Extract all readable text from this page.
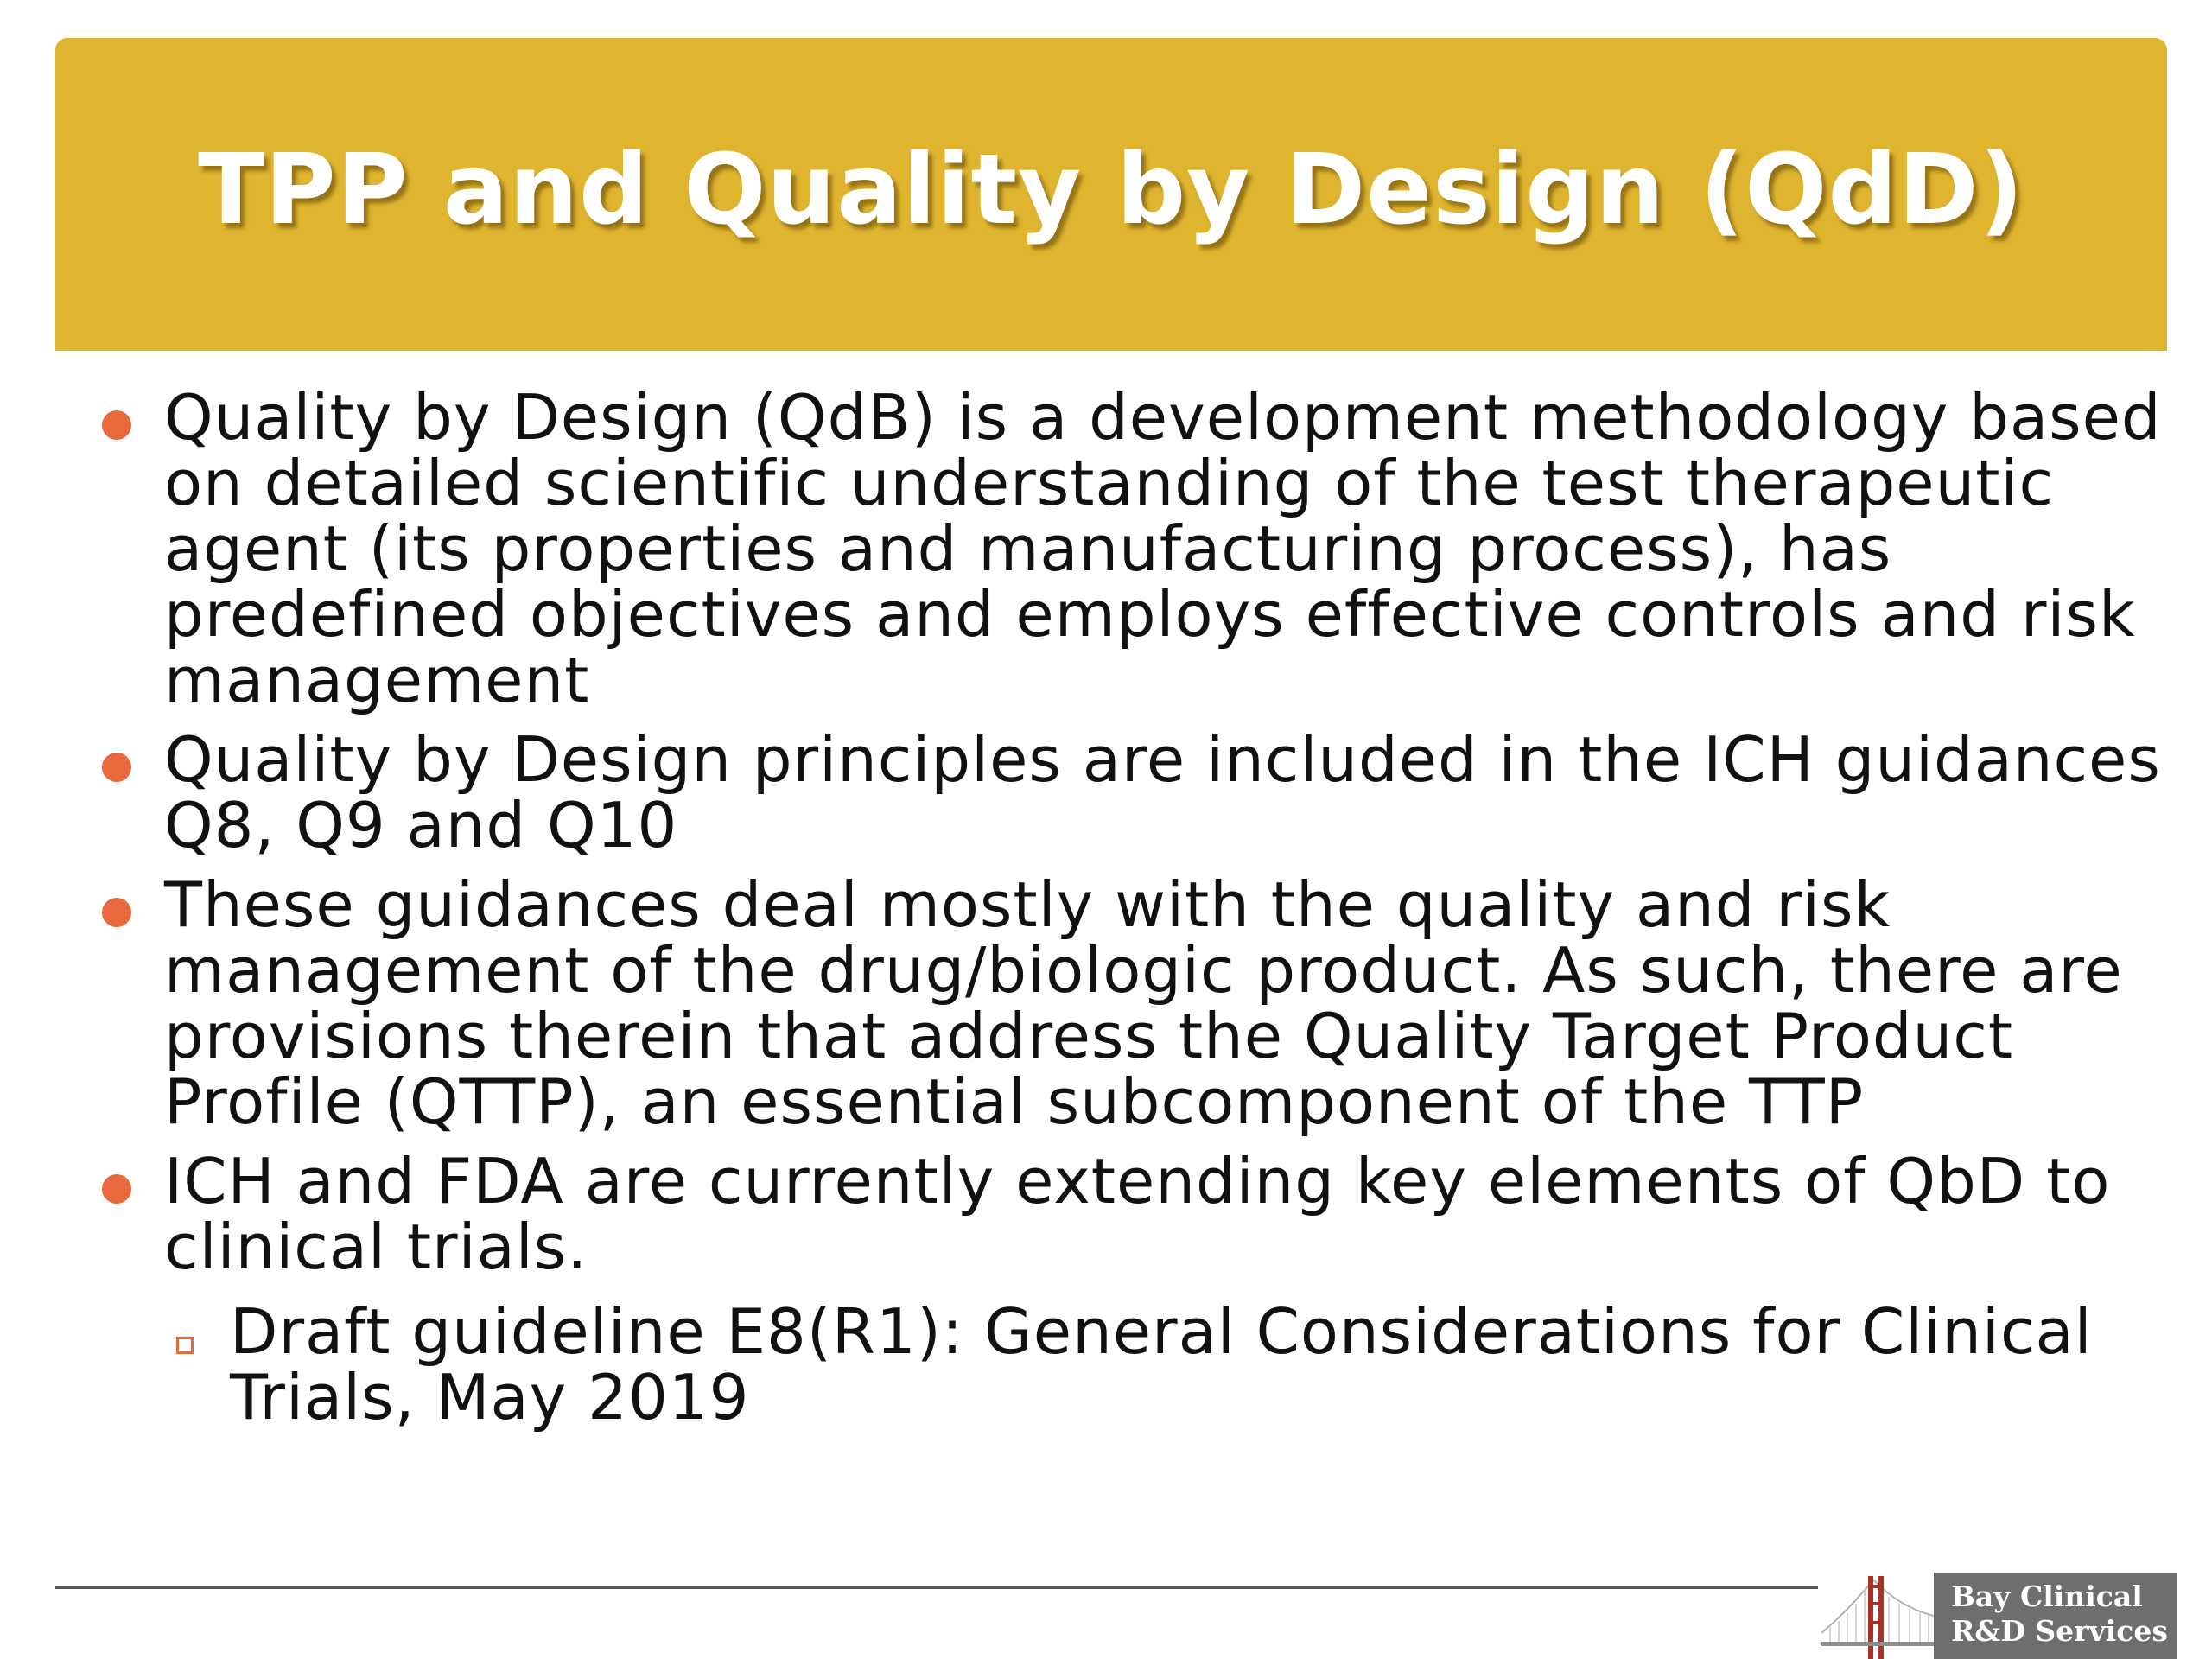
TPP and Quality by Design (QdD)
Quality by Design (QdB) is a development methodology based on detailed scientific understanding of the test therapeutic agent (its properties and manufacturing process), has predefined objectives and employs effective controls and risk management
Quality by Design principles are included in the ICH guidances Q8, Q9 and Q10
These guidances deal mostly with the quality and risk management of the drug/biologic product. As such, there are provisions therein that address the Quality Target Product Profile (QTTP), an essential subcomponent of the TTP
ICH and FDA are currently extending key elements of QbD to clinical trials.
Draft guideline E8(R1): General Considerations for Clinical Trials, May 2019
Bay Clinical
R&D Services
